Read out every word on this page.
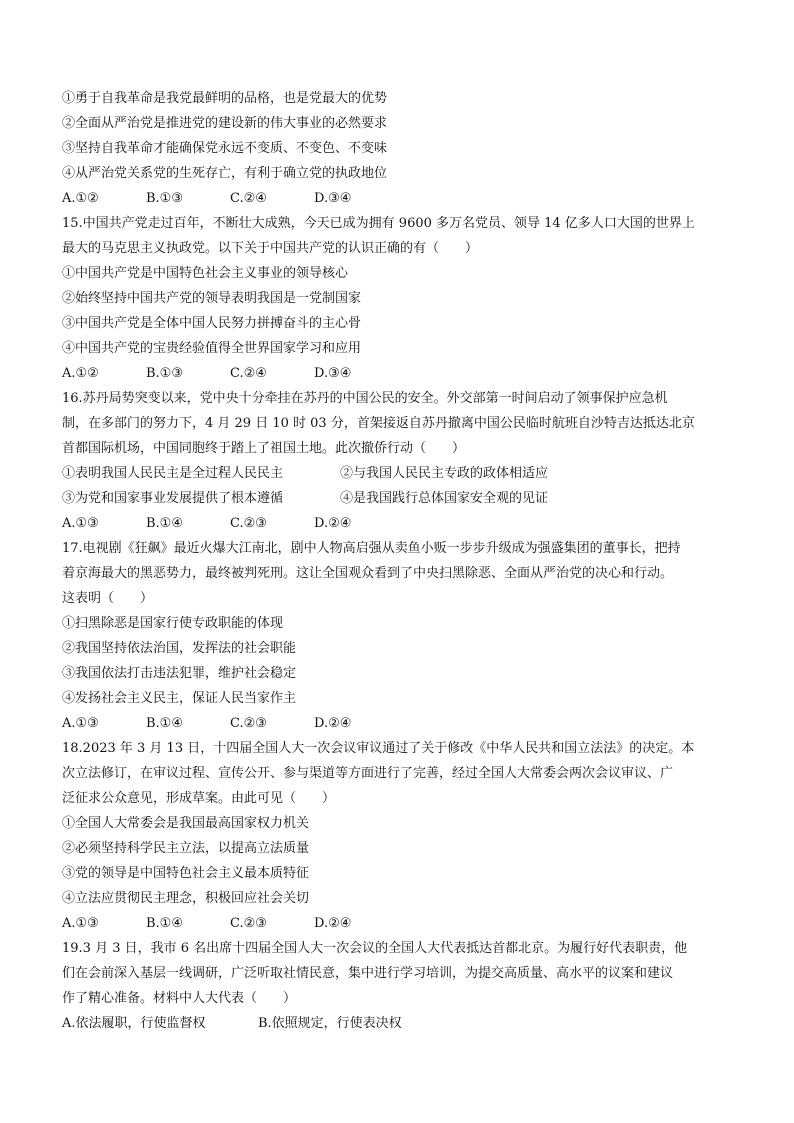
①勇于自我革命是我党最鲜明的品格，也是党最大的优势
②全面从严治党是推进党的建设新的伟大事业的必然要求
③坚持自我革命才能确保党永远不变质、不变色、不变味
④从严治党关系党的生死存亡，有利于确立党的执政地位
A.①②	B.①③	C.②④	D.③④
15.中国共产党走过百年，不断壮大成熟，今天已成为拥有 9600 多万名党员、领导 14 亿多人口大国的世界上
最大的马克思主义执政党。以下关于中国共产党的认识正确的有（　　）
①中国共产党是中国特色社会主义事业的领导核心
②始终坚持中国共产党的领导表明我国是一党制国家
③中国共产党是全体中国人民努力拼搏奋斗的主心骨
④中国共产党的宝贵经验值得全世界国家学习和应用
A.①②	B.①③	C.②④	D.③④
16.苏丹局势突变以来，党中央十分牵挂在苏丹的中国公民的安全。外交部第一时间启动了领事保护应急机
制，在多部门的努力下，4 月 29 日 10 时 03 分，首架接返自苏丹撤离中国公民临时航班自沙特吉达抵达北京
首都国际机场，中国同胞终于踏上了祖国土地。此次撤侨行动（　　）
①表明我国人民民主是全过程人民民主	②与我国人民民主专政的政体相适应
③为党和国家事业发展提供了根本遵循	④是我国践行总体国家安全观的见证
A.①③	B.①④	C.②③	D.②④
17.电视剧《狂飙》最近火爆大江南北，剧中人物高启强从卖鱼小贩一步步升级成为强盛集团的董事长，把持
着京海最大的黑恶势力，最终被判死刑。这让全国观众看到了中央扫黑除恶、全面从严治党的决心和行动。
这表明（　　）
①扫黑除恶是国家行使专政职能的体现
②我国坚持依法治国，发挥法的社会职能
③我国依法打击违法犯罪，维护社会稳定
④发扬社会主义民主，保证人民当家作主
A.①③	B.①④	C.②③	D.②④
18.2023 年 3 月 13 日，十四届全国人大一次会议审议通过了关于修改《中华人民共和国立法法》的决定。本
次立法修订，在审议过程、宣传公开、参与渠道等方面进行了完善，经过全国人大常委会两次会议审议、广
泛征求公众意见，形成草案。由此可见（　　）
①全国人大常委会是我国最高国家权力机关
②必须坚持科学民主立法，以提高立法质量
③党的领导是中国特色社会主义最本质特征
④立法应贯彻民主理念，积极回应社会关切
A.①③	B.①④	C.②③	D.②④
19.3 月 3 日，我市 6 名出席十四届全国人大一次会议的全国人大代表抵达首都北京。为履行好代表职责，他
们在会前深入基层一线调研，广泛听取社情民意，集中进行学习培训，为提交高质量、高水平的议案和建议
作了精心准备。材料中人大代表（　　）
A.依法履职，行使监督权	B.依照规定，行使表决权
